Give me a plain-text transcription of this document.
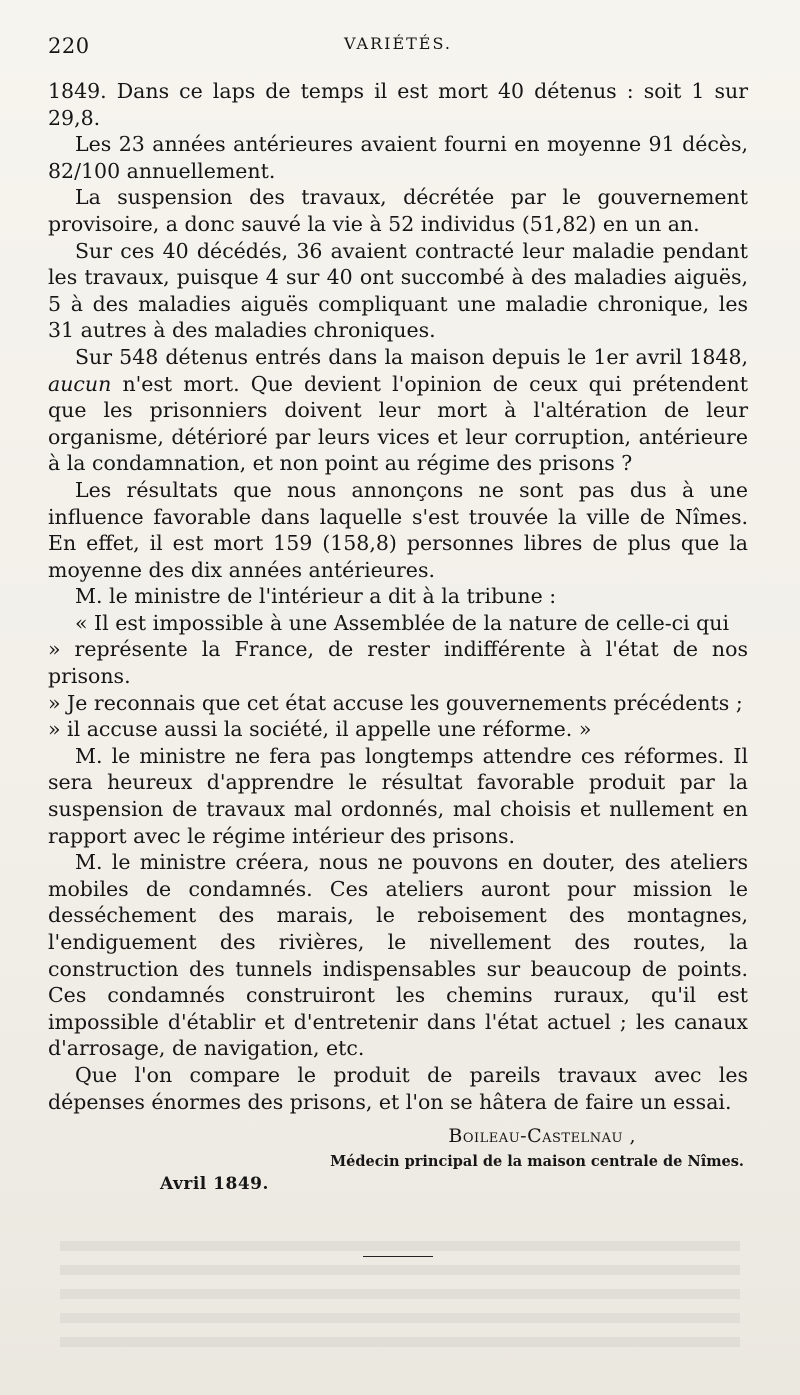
220	VARIÉTÉS.

1849. Dans ce laps de temps il est mort 40 détenus : soit 1 sur 29,8.

Les 23 années antérieures avaient fourni en moyenne 91 décès, 82/100 annuellement.

La suspension des travaux, décrétée par le gouvernement provisoire, a donc sauvé la vie à 52 individus (51,82) en un an.

Sur ces 40 décédés, 36 avaient contracté leur maladie pendant les travaux, puisque 4 sur 40 ont succombé à des maladies aiguës, 5 à des maladies aiguës compliquant une maladie chronique, les 31 autres à des maladies chroniques.

Sur 548 détenus entrés dans la maison depuis le 1er avril 1848, aucun n'est mort. Que devient l'opinion de ceux qui prétendent que les prisonniers doivent leur mort à l'altération de leur organisme, détérioré par leurs vices et leur corruption, antérieure à la condamnation, et non point au régime des prisons ?

Les résultats que nous annonçons ne sont pas dus à une influence favorable dans laquelle s'est trouvée la ville de Nîmes. En effet, il est mort 159 (158,8) personnes libres de plus que la moyenne des dix années antérieures.

M. le ministre de l'intérieur a dit à la tribune :

« Il est impossible à une Assemblée de la nature de celle-ci qui

» représente la France, de rester indifférente à l'état de nos prisons.

» Je reconnais que cet état accuse les gouvernements précédents ;

» il accuse aussi la société, il appelle une réforme. »

M. le ministre ne fera pas longtemps attendre ces réformes. Il sera heureux d'apprendre le résultat favorable produit par la suspension de travaux mal ordonnés, mal choisis et nullement en rapport avec le régime intérieur des prisons.

M. le ministre créera, nous ne pouvons en douter, des ateliers mobiles de condamnés. Ces ateliers auront pour mission le desséchement des marais, le reboisement des montagnes, l'endiguement des rivières, le nivellement des routes, la construction des tunnels indispensables sur beaucoup de points. Ces condamnés construiront les chemins ruraux, qu'il est impossible d'établir et d'entretenir dans l'état actuel ; les canaux d'arrosage, de navigation, etc.

Que l'on compare le produit de pareils travaux avec les dépenses énormes des prisons, et l'on se hâtera de faire un essai.

Boileau-Castelnau ,
Médecin principal de la maison centrale de Nîmes.
Avril 1849.
